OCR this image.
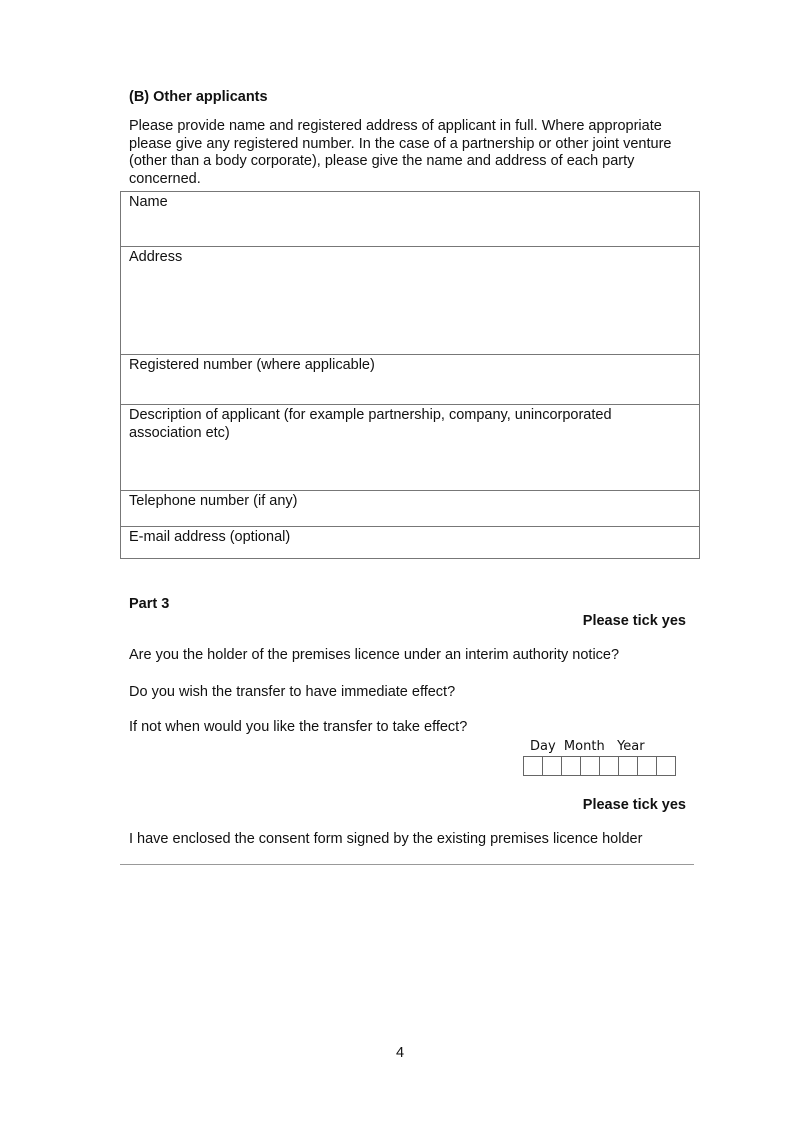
(B) Other applicants
Please provide name and registered address of applicant in full. Where appropriate please give any registered number. In the case of a partnership or other joint venture (other than a body corporate), please give the name and address of each party concerned.
Name
Address
Registered number (where applicable)
Description of applicant (for example partnership, company, unincorporated association etc)
Telephone number (if any)
E-mail address (optional)
Part 3
Please tick yes
Are you the holder of the premises licence under an interim authority notice?
Do you wish the transfer to have immediate effect?
If not when would you like the transfer to take effect?
Day  Month   Year
Please tick yes
I have enclosed the consent form signed by the existing premises licence holder
4
